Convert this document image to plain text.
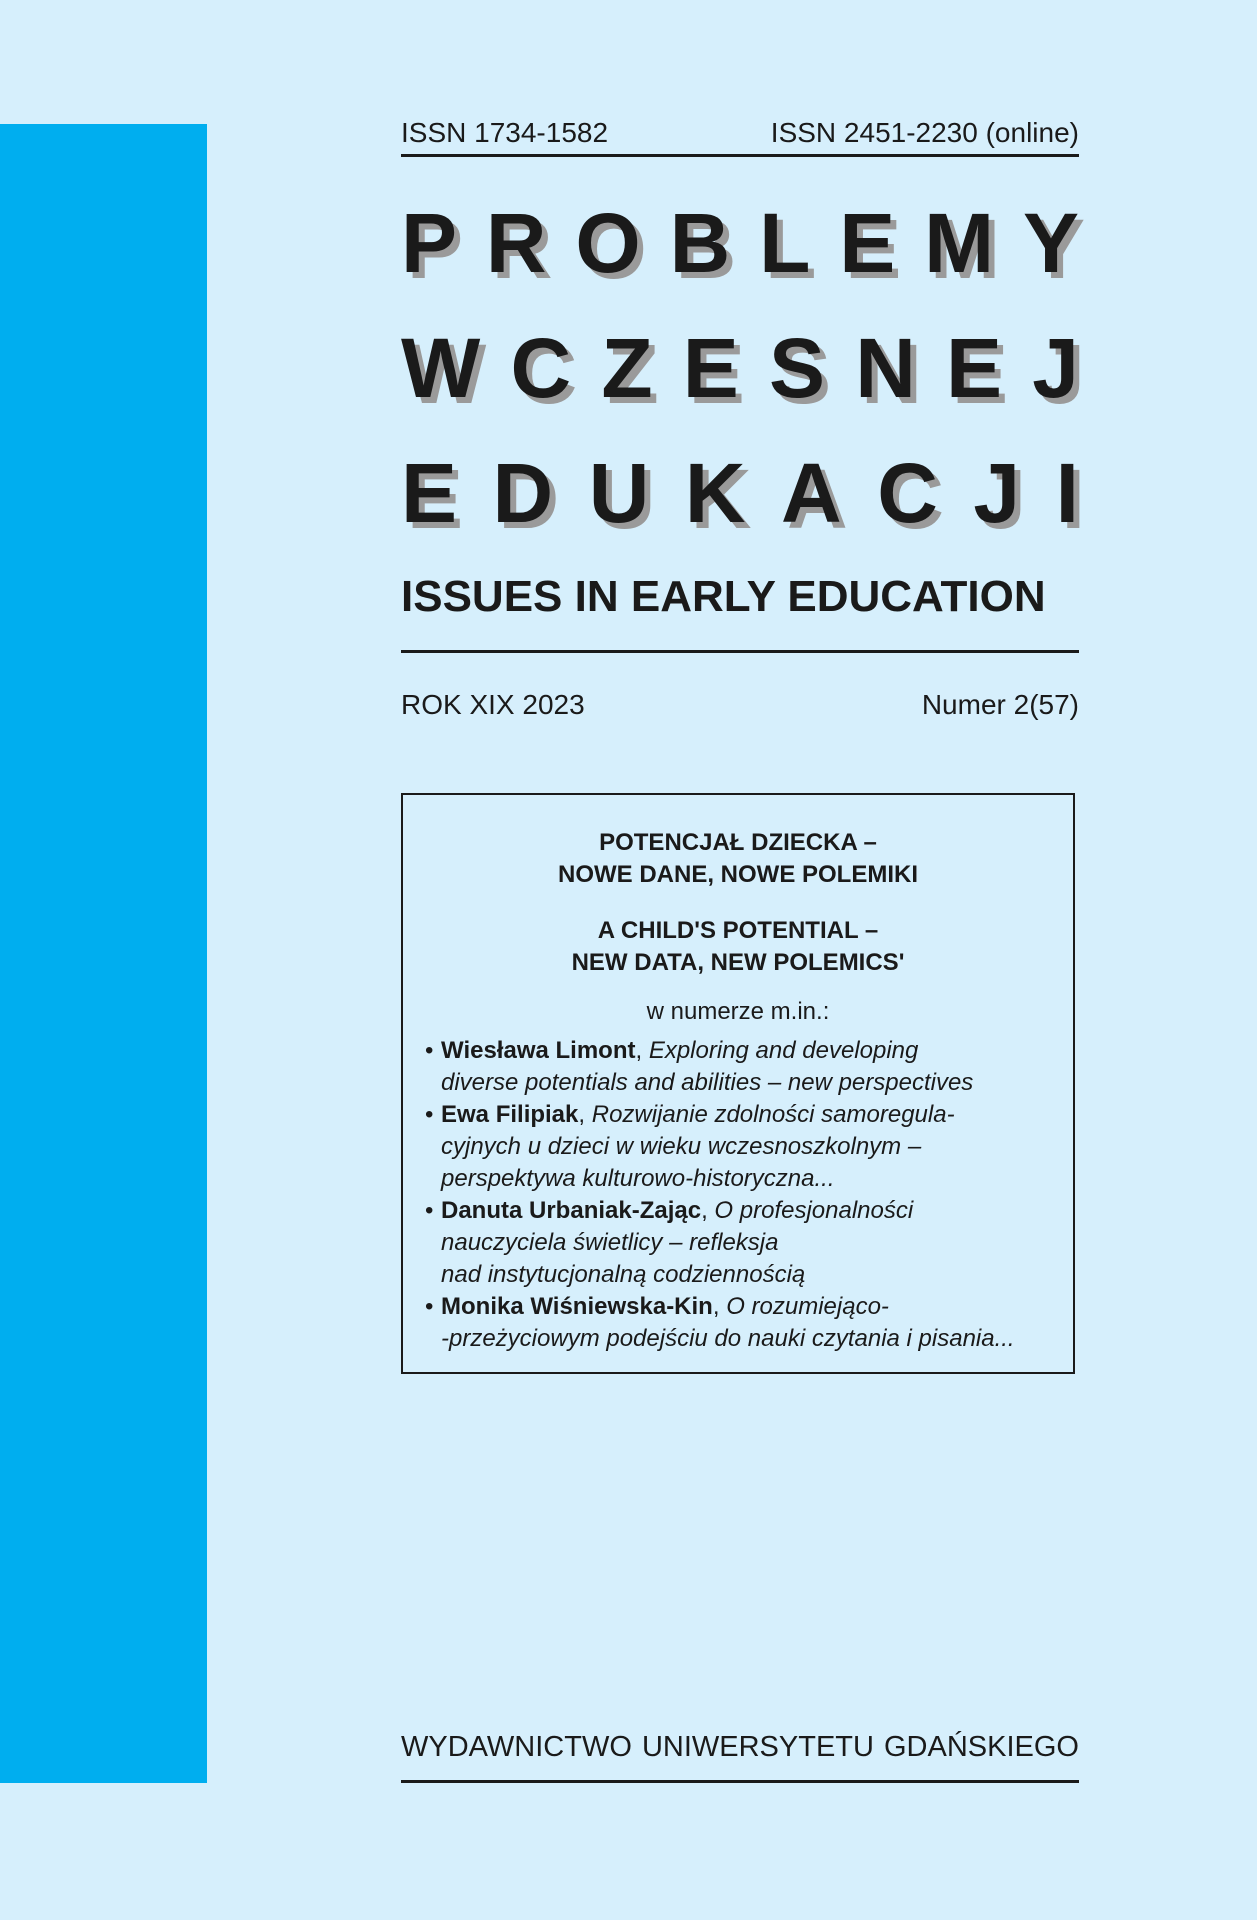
ISSN 1734-1582	ISSN 2451-2230 (online)
P R O B L E M Y
W C Z E S N E J
E D U K A C J I
ISSUES IN EARLY EDUCATION
ROK XIX 2023	Numer 2(57)
POTENCJAŁ DZIECKA –
NOWE DANE, NOWE POLEMIKI
A CHILD'S POTENTIAL –
NEW DATA, NEW POLEMICS'
w numerze m.in.:
• Wiesława Limont, Exploring and developing
diverse potentials and abilities – new perspectives
• Ewa Filipiak, Rozwijanie zdolności samoregula-
cyjnych u dzieci w wieku wczesnoszkolnym –
perspektywa kulturowo-historyczna...
• Danuta Urbaniak-Zając, O profesjonalności
nauczyciela świetlicy – refleksja
nad instytucjonalną codziennością
• Monika Wiśniewska-Kin, O rozumiejąco-
-przeżyciowym podejściu do nauki czytania i pisania...
WYDAWNICTWO UNIWERSYTETU GDAŃSKIEGO
